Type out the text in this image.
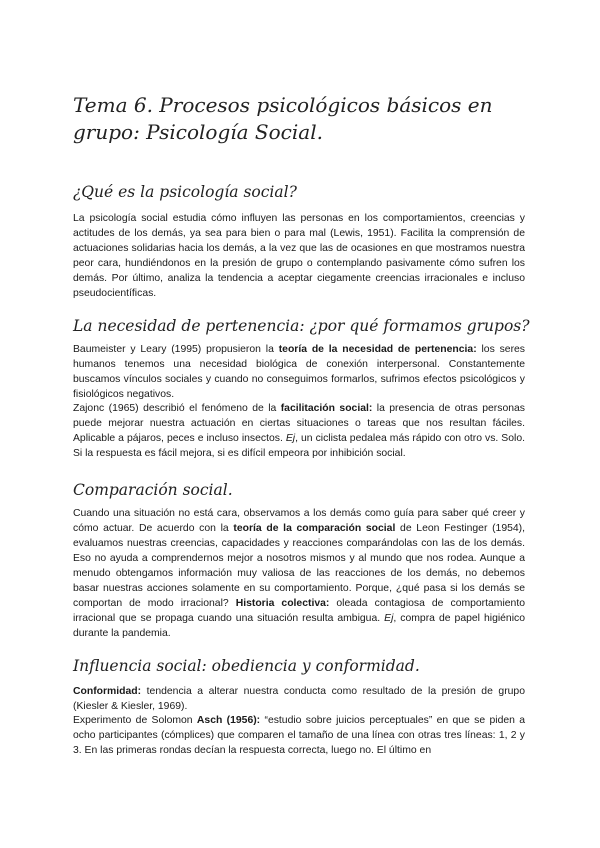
Tema 6. Procesos psicológicos básicos en grupo: Psicología Social.
¿Qué es la psicología social?

La psicología social estudia cómo influyen las personas en los comportamientos, creencias y actitudes de los demás, ya sea para bien o para mal (Lewis, 1951). Facilita la comprensión de actuaciones solidarias hacia los demás, a la vez que las de ocasiones en que mostramos nuestra peor cara, hundiéndonos en la presión de grupo o contemplando pasivamente cómo sufren los demás. Por último, analiza la tendencia a aceptar ciegamente creencias irracionales e incluso pseudocientíficas.

La necesidad de pertenencia: ¿por qué formamos grupos?

Baumeister y Leary (1995) propusieron la teoría de la necesidad de pertenencia: los seres humanos tenemos una necesidad biológica de conexión interpersonal. Constantemente buscamos vínculos sociales y cuando no conseguimos formarlos, sufrimos efectos psicológicos y fisiológicos negativos.

Zajonc (1965) describió el fenómeno de la facilitación social: la presencia de otras personas puede mejorar nuestra actuación en ciertas situaciones o tareas que nos resultan fáciles. Aplicable a pájaros, peces e incluso insectos. Ej, un ciclista pedalea más rápido con otro vs. Solo. Si la respuesta es fácil mejora, si es difícil empeora por inhibición social.

Comparación social.

Cuando una situación no está cara, observamos a los demás como guía para saber qué creer y cómo actuar. De acuerdo con la teoría de la comparación social de Leon Festinger (1954), evaluamos nuestras creencias, capacidades y reacciones comparándolas con las de los demás. Eso no ayuda a comprendernos mejor a nosotros mismos y al mundo que nos rodea. Aunque a menudo obtengamos información muy valiosa de las reacciones de los demás, no debemos basar nuestras acciones solamente en su comportamiento. Porque, ¿qué pasa si los demás se comportan de modo irracional? Historia colectiva: oleada contagiosa de comportamiento irracional que se propaga cuando una situación resulta ambigua. Ej, compra de papel higiénico durante la pandemia.

Influencia social: obediencia y conformidad.

Conformidad: tendencia a alterar nuestra conducta como resultado de la presión de grupo (Kiesler & Kiesler, 1969).

Experimento de Solomon Asch (1956): “estudio sobre juicios perceptuales” en que se piden a ocho participantes (cómplices) que comparen el tamaño de una línea con otras tres líneas: 1, 2 y 3. En las primeras rondas decían la respuesta correcta, luego no. El último en
